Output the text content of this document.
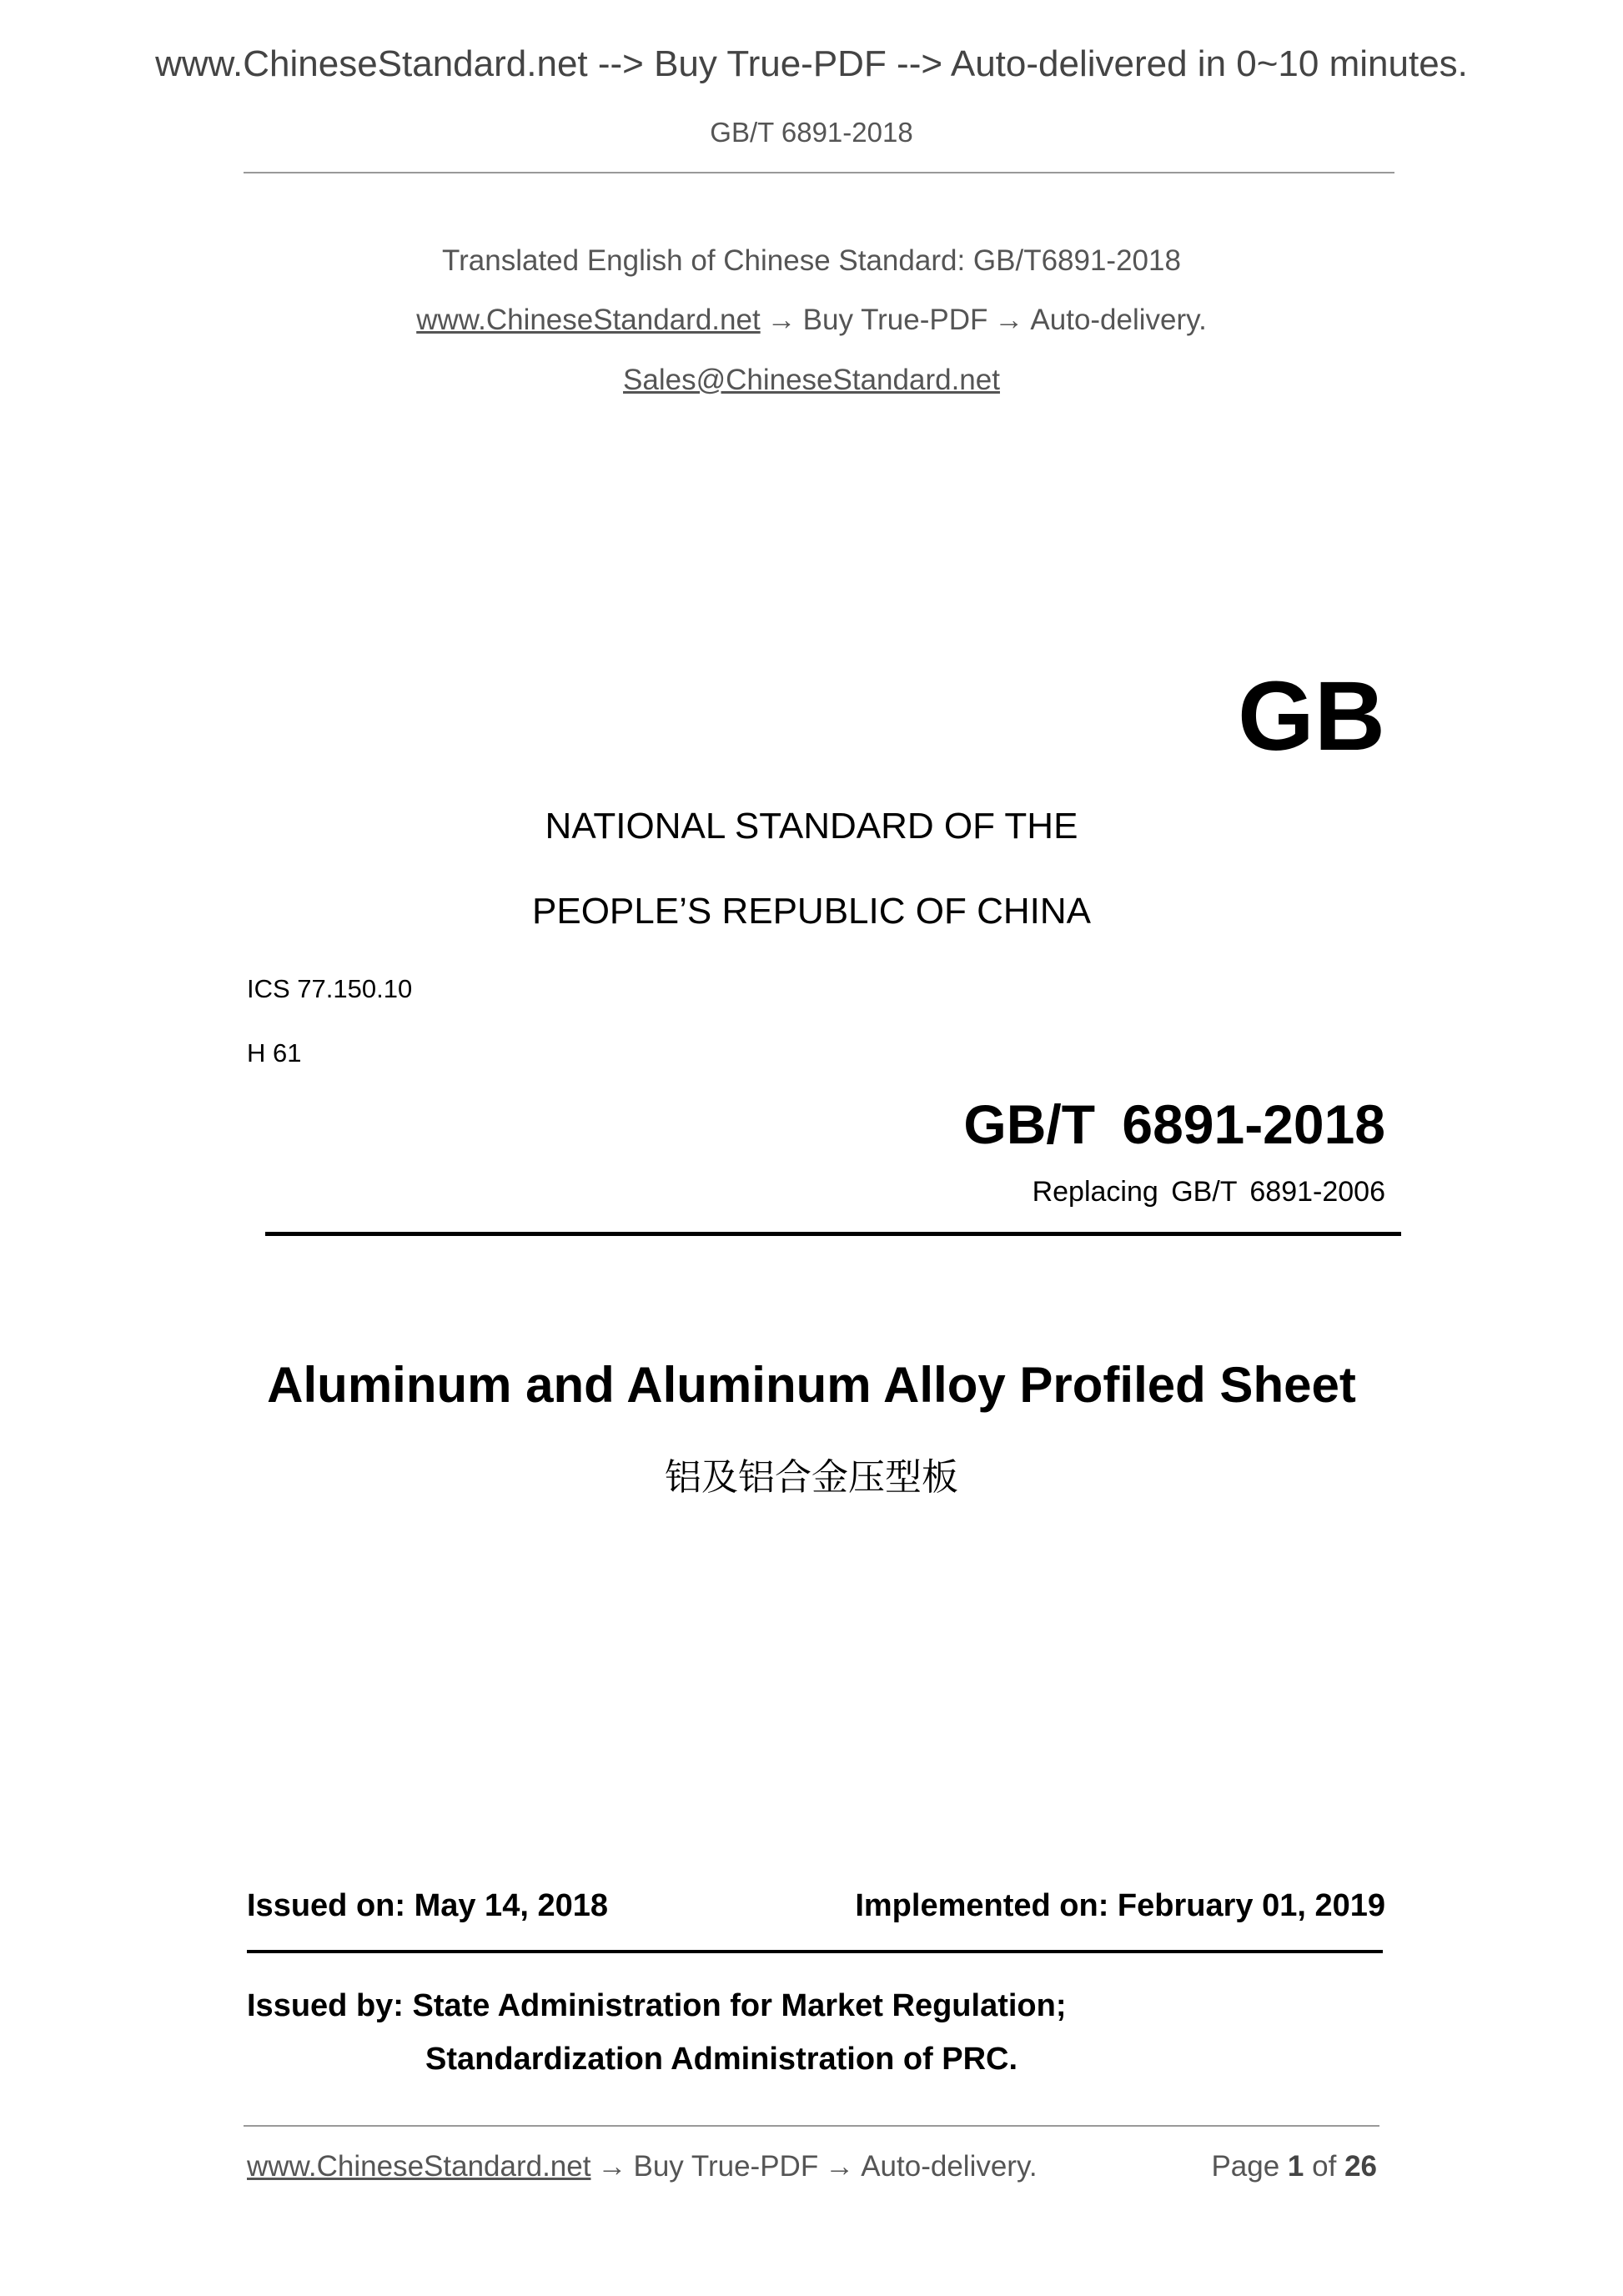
www.ChineseStandard.net --> Buy True-PDF --> Auto-delivered in 0~10 minutes.
GB/T 6891-2018
Translated English of Chinese Standard: GB/T6891-2018
www.ChineseStandard.net → Buy True-PDF → Auto-delivery.
Sales@ChineseStandard.net
GB
NATIONAL STANDARD OF THE
PEOPLE’S REPUBLIC OF CHINA
ICS 77.150.10
H 61
GB/T 6891-2018
Replacing GB/T 6891-2006
Aluminum and Aluminum Alloy Profiled Sheet
铝及铝合金压型板
Issued on: May 14, 2018	Implemented on: February 01, 2019
Issued by: State Administration for Market Regulation;
Standardization Administration of PRC.
www.ChineseStandard.net → Buy True-PDF → Auto-delivery.	Page 1 of 26
